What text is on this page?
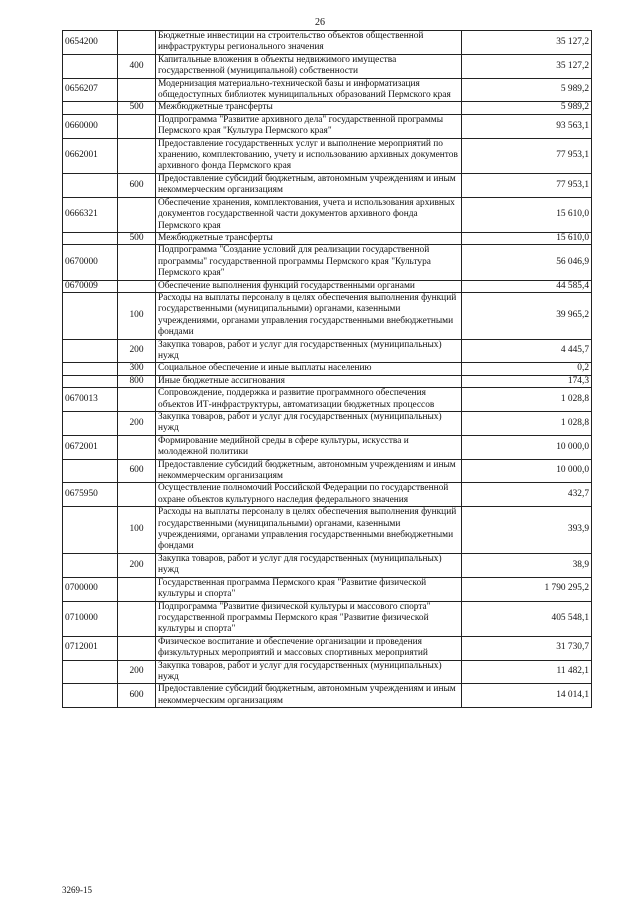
26
0654200		Бюджетные инвестиции на строительство объектов общественной инфраструктуры регионального значения	35 127,2
	400	Капитальные вложения в объекты недвижимого имущества государственной (муниципальной) собственности	35 127,2
0656207		Модернизация материально-технической базы и информатизация общедоступных библиотек муниципальных образований Пермского края	5 989,2
	500	Межбюджетные трансферты	5 989,2
0660000		Подпрограмма "Развитие архивного дела" государственной программы Пермского края "Культура Пермского края"	93 563,1
0662001		Предоставление государственных услуг и выполнение мероприятий по хранению, комплектованию, учету и использованию архивных документов архивного фонда Пермского края	77 953,1
	600	Предоставление субсидий бюджетным, автономным учреждениям и иным некоммерческим организациям	77 953,1
0666321		Обеспечение хранения, комплектования, учета и использования архивных документов государственной части документов архивного фонда Пермского края	15 610,0
	500	Межбюджетные трансферты	15 610,0
0670000		Подпрограмма "Создание условий для реализации государственной программы" государственной программы Пермского края "Культура Пермского края"	56 046,9
0670009		Обеспечение выполнения функций государственными органами	44 585,4
	100	Расходы на выплаты персоналу в целях обеспечения выполнения функций государственными (муниципальными) органами, казенными учреждениями, органами управления государственными внебюджетными фондами	39 965,2
	200	Закупка товаров, работ и услуг для государственных (муниципальных) нужд	4 445,7
	300	Социальное обеспечение и иные выплаты населению	0,2
	800	Иные бюджетные ассигнования	174,3
0670013		Сопровождение, поддержка и развитие программного обеспечения объектов ИТ-инфраструктуры, автоматизации бюджетных процессов	1 028,8
	200	Закупка товаров, работ и услуг для государственных (муниципальных) нужд	1 028,8
0672001		Формирование медийной среды в сфере культуры, искусства и молодежной политики	10 000,0
	600	Предоставление субсидий бюджетным, автономным учреждениям и иным некоммерческим организациям	10 000,0
0675950		Осуществление полномочий Российской Федерации по государственной охране объектов культурного наследия федерального значения	432,7
	100	Расходы на выплаты персоналу в целях обеспечения выполнения функций государственными (муниципальными) органами, казенными учреждениями, органами управления государственными внебюджетными фондами	393,9
	200	Закупка товаров, работ и услуг для государственных (муниципальных) нужд	38,9
0700000		Государственная программа Пермского края "Развитие физической культуры и спорта"	1 790 295,2
0710000		Подпрограмма "Развитие физической культуры и массового спорта" государственной программы Пермского края "Развитие физической культуры и спорта"	405 548,1
0712001		Физическое воспитание и обеспечение организации и проведения физкультурных мероприятий и массовых спортивных мероприятий	31 730,7
	200	Закупка товаров, работ и услуг для государственных (муниципальных) нужд	11 482,1
	600	Предоставление субсидий бюджетным, автономным учреждениям и иным некоммерческим организациям	14 014,1
3269-15
